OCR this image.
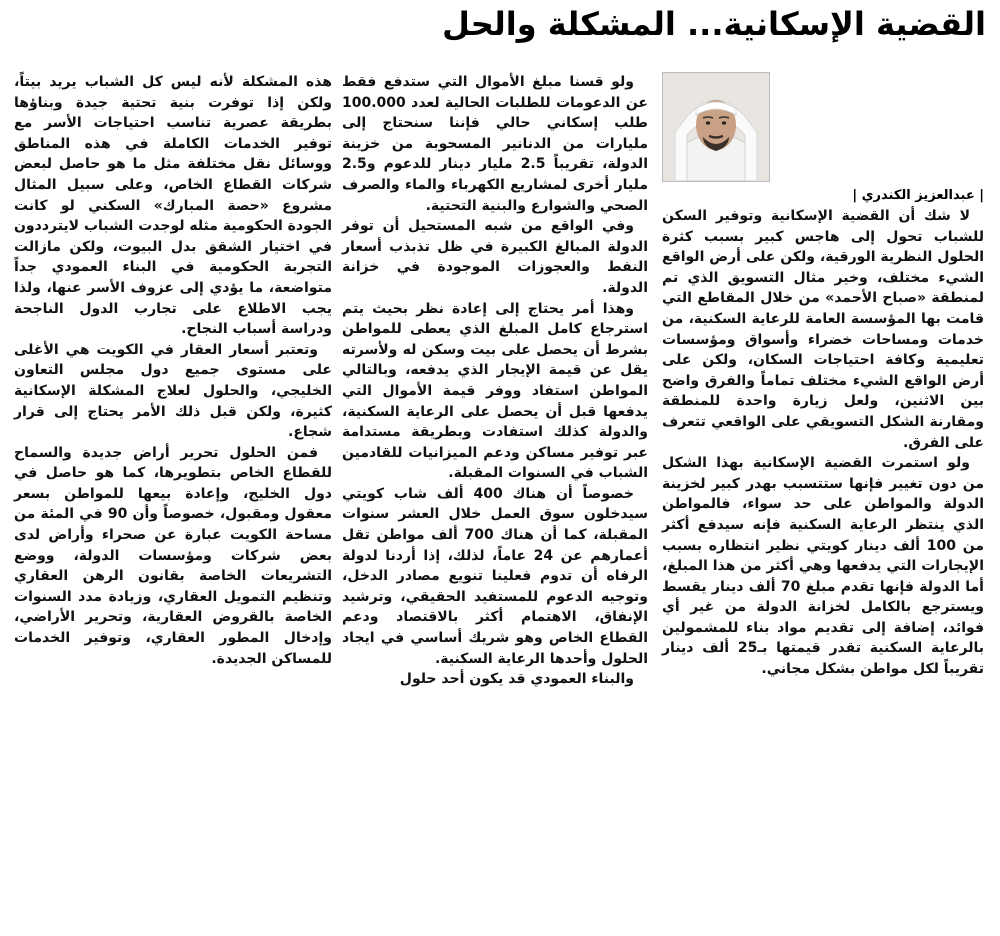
القضية الإسكانية... المشكلة والحل
| عبدالعزيز الكندري |

لا شك أن القضية الإسكانية وتوفير السكن للشباب تحول إلى هاجس كبير بسبب كثرة الحلول النظرية الورقية، ولكن على أرض الواقع الشيء مختلف، وخير مثال التسويق الذي تم لمنطقة «صباح الأحمد» من خلال المقاطع التي قامت بها المؤسسة العامة للرعاية السكنية، من خدمات ومساحات خضراء وأسواق ومؤسسات تعليمية وكافة احتياجات السكان، ولكن على أرض الواقع الشيء مختلف تماماً والفرق واضح بين الاثنين، ولعل زيارة واحدة للمنطقة ومقارنة الشكل التسويقي على الواقعي تتعرف على الفرق.

ولو استمرت القضية الإسكانية بهذا الشكل من دون تغيير فإنها ستتسبب بهدر كبير لخزينة الدولة والمواطن على حد سواء، فالمواطن الذي ينتظر الرعاية السكنية فإنه سيدفع أكثر من 100 ألف دينار كويتي نظير انتظاره بسبب الإيجارات التي يدفعها وهي أكثر من هذا المبلغ، أما الدولة فإنها تقدم مبلغ 70 ألف دينار يقسط ويسترجع بالكامل لخزانة الدولة من غير أي فوائد، إضافة إلى تقديم مواد بناء للمشمولين بالرعاية السكنية تقدر قيمتها بـ25 ألف دينار تقريباً لكل مواطن بشكل مجاني.

ولو قسنا مبلغ الأموال التي ستدفع فقط عن الدعومات للطلبات الحالية لعدد 100.000 طلب إسكاني حالي فإننا سنحتاج إلى مليارات من الدنانير المسحوبة من خزينة الدولة، تقريباً 2.5 مليار دينار للدعوم و2.5 مليار أخرى لمشاريع الكهرباء والماء والصرف الصحي والشوارع والبنية التحتية.

وفي الواقع من شبه المستحيل أن توفر الدولة المبالغ الكبيرة في ظل تذبذب أسعار النفط والعجوزات الموجودة في خزانة الدولة.

وهذا أمر يحتاج إلى إعادة نظر بحيث يتم استرجاع كامل المبلغ الذي يعطى للمواطن بشرط أن يحصل على بيت وسكن له ولأسرته يقل عن قيمة الإيجار الذي يدفعه، وبالتالي المواطن استفاد ووفر قيمة الأموال التي يدفعها قبل أن يحصل على الرعاية السكنية، والدولة كذلك استفادت وبطريقة مستدامة عبر توفير مساكن ودعم الميزانيات للقادمين الشباب في السنوات المقبلة.

خصوصاً أن هناك 400 ألف شاب كويتي سيدخلون سوق العمل خلال العشر سنوات المقبلة، كما أن هناك 700 ألف مواطن تقل أعمارهم عن 24 عاماً، لذلك، إذا أردنا لدولة الرفاه أن تدوم فعلينا تنويع مصادر الدخل، وتوجيه الدعوم للمستفيد الحقيقي، وترشيد الإنفاق، الاهتمام أكثر بالاقتصاد ودعم القطاع الخاص وهو شريك أساسي في ايجاد الحلول وأحدها الرعاية السكنية.

والبناء العمودي قد يكون أحد حلول

هذه المشكلة لأنه ليس كل الشباب يريد بيتاً، ولكن إذا توفرت بنية تحتية جيدة وبناؤها بطريقة عصرية تناسب احتياجات الأسر مع توفير الخدمات الكاملة في هذه المناطق ووسائل نقل مختلفة مثل ما هو حاصل لبعض شركات القطاع الخاص، وعلى سبيل المثال مشروع «حصة المبارك» السكني لو كانت الجودة الحكومية مثله لوجدت الشباب لايترددون في اختيار الشقق بدل البيوت، ولكن مازالت التجربة الحكومية في البناء العمودي جداً متواضعة، ما يؤدي إلى عزوف الأسر عنها، ولذا يجب الاطلاع على تجارب الدول الناجحة ودراسة أسباب النجاح.

وتعتبر أسعار العقار في الكويت هي الأغلى على مستوى جميع دول مجلس التعاون الخليجي، والحلول لعلاج المشكلة الإسكانية كثيرة، ولكن قبل ذلك الأمر يحتاج إلى قرار شجاع.

فمن الحلول تحرير أراض جديدة والسماح للقطاع الخاص بتطويرها، كما هو حاصل في دول الخليج، وإعادة بيعها للمواطن بسعر معقول ومقبول، خصوصاً وأن 90 في المئة من مساحة الكويت عبارة عن صحراء وأراض لدى بعض شركات ومؤسسات الدولة، ووضع التشريعات الخاصة بقانون الرهن العقاري وتنظيم التمويل العقاري، وزيادة مدد السنوات الخاصة بالقروض العقارية، وتحرير الأراضي، وإدخال المطور العقاري، وتوفير الخدمات للمساكن الجديدة.
